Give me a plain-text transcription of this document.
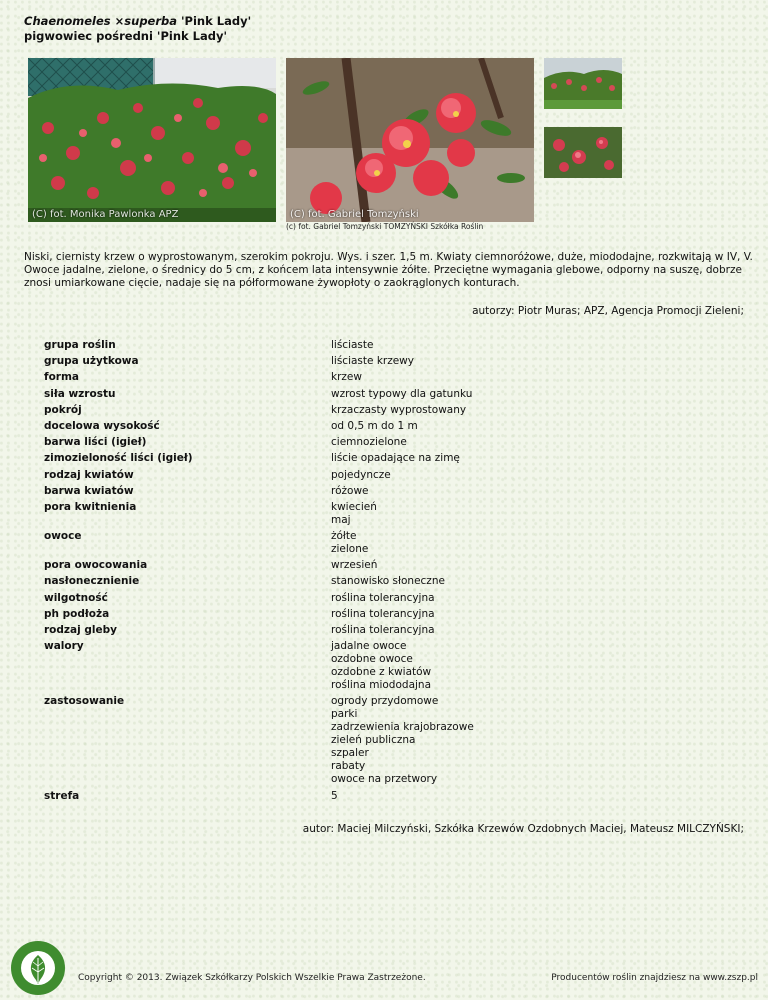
Chaenomeles ×superba 'Pink Lady'
pigwowiec pośredni 'Pink Lady'
(C) fot. Monika Pawlonka APZ	(C) fot. Gabriel Tomzyński
(c) fot. Gabriel Tomzyński TOMZYŃSKI Szkółka Roślin
Niski, ciernisty krzew o wyprostowanym, szerokim pokroju. Wys. i szer. 1,5 m. Kwiaty ciemnoróżowe, duże, miododajne, rozkwitają w IV, V. Owoce jadalne, zielone, o średnicy do 5 cm, z końcem lata intensywnie żółte. Przeciętne wymagania glebowe, odporny na suszę, dobrze znosi umiarkowane cięcie, nadaje się na półformowane żywopłoty o zaokrąglonych konturach.
autorzy: Piotr Muras; APZ, Agencja Promocji Zieleni;
grupa roślin	liściaste
grupa użytkowa	liściaste krzewy
forma	krzew
siła wzrostu	wzrost typowy dla gatunku
pokrój	krzaczasty wyprostowany
docelowa wysokość	od 0,5 m do 1 m
barwa liści (igieł)	ciemnozielone
zimozieloność liści (igieł)	liście opadające na zimę
rodzaj kwiatów	pojedyncze
barwa kwiatów	różowe
pora kwitnienia	kwiecień
maj
owoce	żółte
zielone
pora owocowania	wrzesień
nasłonecznienie	stanowisko słoneczne
wilgotność	roślina tolerancyjna
ph podłoża	roślina tolerancyjna
rodzaj gleby	roślina tolerancyjna
walory	jadalne owoce
ozdobne owoce
ozdobne z kwiatów
roślina miododajna
zastosowanie	ogrody przydomowe
parki
zadrzewienia krajobrazowe
zieleń publiczna
szpaler
rabaty
owoce na przetwory
strefa	5
autor: Maciej Milczyński, Szkółka Krzewów Ozdobnych Maciej, Mateusz MILCZYŃSKI;
Copyright © 2013. Związek Szkółkarzy Polskich Wszelkie Prawa Zastrzeżone.	Producentów roślin znajdziesz na www.zszp.pl
